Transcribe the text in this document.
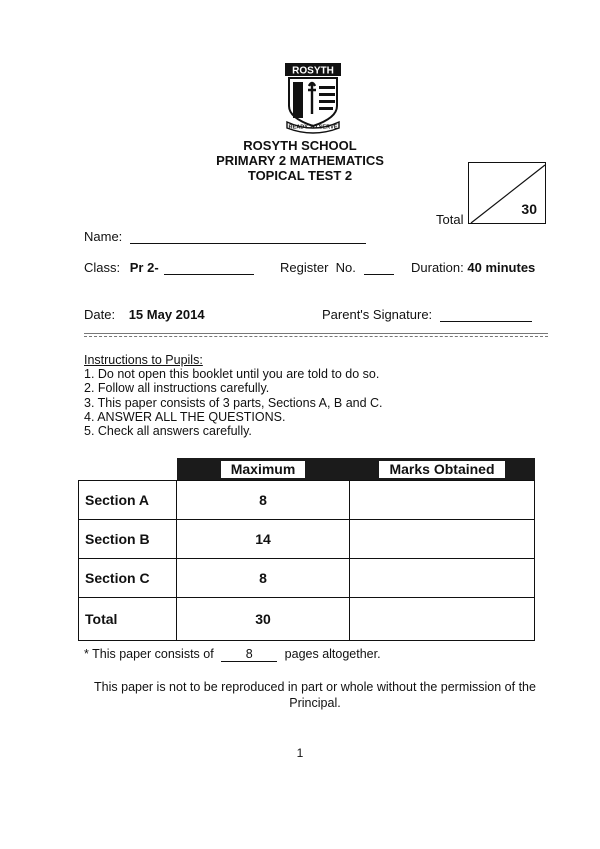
ROSYTH
READY TO SERVE
ROSYTH SCHOOL
PRIMARY 2 MATHEMATICS
TOPICAL TEST 2
Total
30
Name:
Class: Pr 2-	Register  No.	Duration: 40 minutes
Date: 15 May 2014	Parent's Signature:
Instructions to Pupils:
1. Do not open this booklet until you are told to do so.
2. Follow all instructions carefully.
3. This paper consists of 3 parts, Sections A, B and C.
4. ANSWER ALL THE QUESTIONS.
5. Check all answers carefully.
	Maximum	Marks Obtained
Section A	8	
Section B	14	
Section C	8	
Total	30	
* This paper consists of	8	pages altogether.
This paper is not to be reproduced in part or whole without the permission of the Principal.
1
